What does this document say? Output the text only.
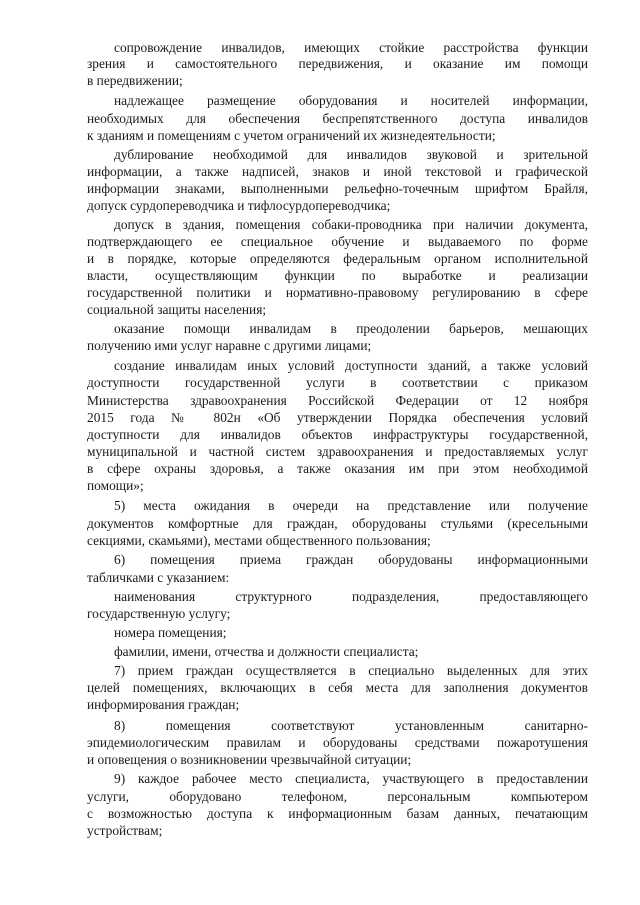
сопровождение инвалидов, имеющих стойкие расстройства функции
зрения и самостоятельного передвижения, и оказание им помощи
в передвижении;
надлежащее размещение оборудования и носителей информации,
необходимых для обеспечения беспрепятственного доступа инвалидов
к зданиям и помещениям с учетом ограничений их жизнедеятельности;
дублирование необходимой для инвалидов звуковой и зрительной
информации, а также надписей, знаков и иной текстовой и графической
информации знаками, выполненными рельефно-точечным шрифтом Брайля,
допуск сурдопереводчика и тифлосурдопереводчика;
допуск в здания, помещения собаки-проводника при наличии документа,
подтверждающего ее специальное обучение и выдаваемого по форме
и в порядке, которые определяются федеральным органом исполнительной
власти, осуществляющим функции по выработке и реализации
государственной политики и нормативно-правовому регулированию в сфере
социальной защиты населения;
оказание помощи инвалидам в преодолении барьеров, мешающих
получению ими услуг наравне с другими лицами;
создание инвалидам иных условий доступности зданий, а также условий
доступности государственной услуги в соответствии с приказом
Министерства здравоохранения Российской Федерации от 12 ноября
2015 года № 802н «Об утверждении Порядка обеспечения условий
доступности для инвалидов объектов инфраструктуры государственной,
муниципальной и частной систем здравоохранения и предоставляемых услуг
в сфере охраны здоровья, а также оказания им при этом необходимой
помощи»;
5) места ожидания в очереди на представление или получение
документов комфортные для граждан, оборудованы стульями (кресельными
секциями, скамьями), местами общественного пользования;
6) помещения приема граждан оборудованы информационными
табличками с указанием:
наименования структурного подразделения, предоставляющего
государственную услугу;
номера помещения;
фамилии, имени, отчества и должности специалиста;
7) прием граждан осуществляется в специально выделенных для этих
целей помещениях, включающих в себя места для заполнения документов
информирования граждан;
8) помещения соответствуют установленным санитарно-
эпидемиологическим правилам и оборудованы средствами пожаротушения
и оповещения о возникновении чрезвычайной ситуации;
9) каждое рабочее место специалиста, участвующего в предоставлении
услуги, оборудовано телефоном, персональным компьютером
с возможностью доступа к информационным базам данных, печатающим
устройствам;
